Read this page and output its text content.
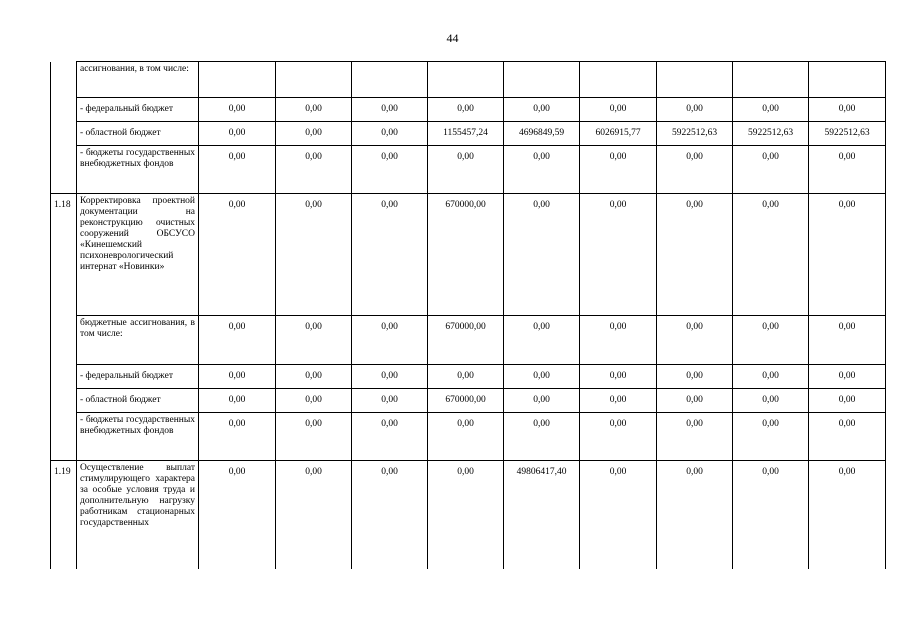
44
	ассигнования, в том числе:									
	- федеральный бюджет	0,00	0,00	0,00	0,00	0,00	0,00	0,00	0,00	0,00
	- областной бюджет	0,00	0,00	0,00	1155457,24	4696849,59	6026915,77	5922512,63	5922512,63	5922512,63
	- бюджеты государственных внебюджетных фондов	0,00	0,00	0,00	0,00	0,00	0,00	0,00	0,00	0,00
1.18	Корректировка проектной документации на реконструкцию очистных сооружений ОБСУСО «Кинешемский психоневрологический интернат «Новинки»	0,00	0,00	0,00	670000,00	0,00	0,00	0,00	0,00	0,00
	бюджетные ассигнования, в том числе:	0,00	0,00	0,00	670000,00	0,00	0,00	0,00	0,00	0,00
	- федеральный бюджет	0,00	0,00	0,00	0,00	0,00	0,00	0,00	0,00	0,00
	- областной бюджет	0,00	0,00	0,00	670000,00	0,00	0,00	0,00	0,00	0,00
	- бюджеты государственных внебюджетных фондов	0,00	0,00	0,00	0,00	0,00	0,00	0,00	0,00	0,00
1.19	Осуществление выплат стимулирующего характера за особые условия труда и дополнительную нагрузку работникам стационарных государственных	0,00	0,00	0,00	0,00	49806417,40	0,00	0,00	0,00	0,00
